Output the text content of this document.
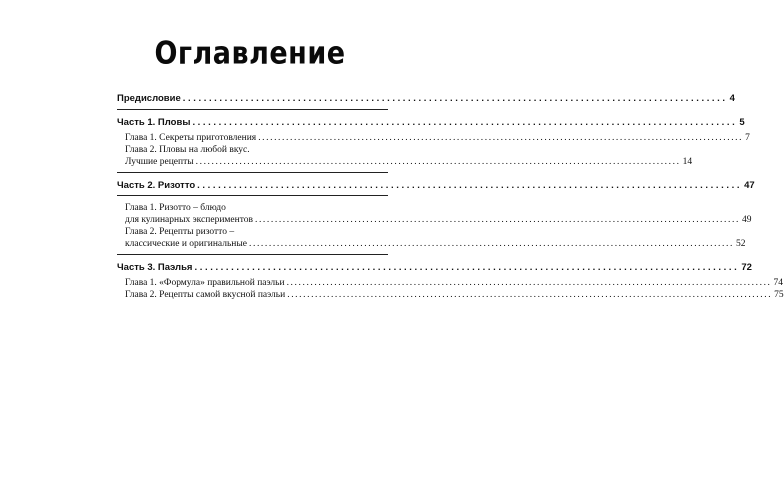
Оглавление
Предисловие ........................................................................................................ 4
Часть 1. Пловы ........................................................................................................ 5
Глава 1. Секреты приготовления .......................................................................................................................... 7
Глава 2. Пловы на любой вкус.
Лучшие рецепты .......................................................................................................................... 14
Часть 2. Ризотто ........................................................................................................ 47
Глава 1. Ризотто – блюдо
для кулинарных экспериментов .......................................................................................................................... 49
Глава 2. Рецепты ризотто –
классические и оригинальные .......................................................................................................................... 52
Часть 3. Паэлья ........................................................................................................ 72
Глава 1. «Формула» правильной паэльи .......................................................................................................................... 74
Глава 2. Рецепты самой вкусной паэльи .......................................................................................................................... 75
